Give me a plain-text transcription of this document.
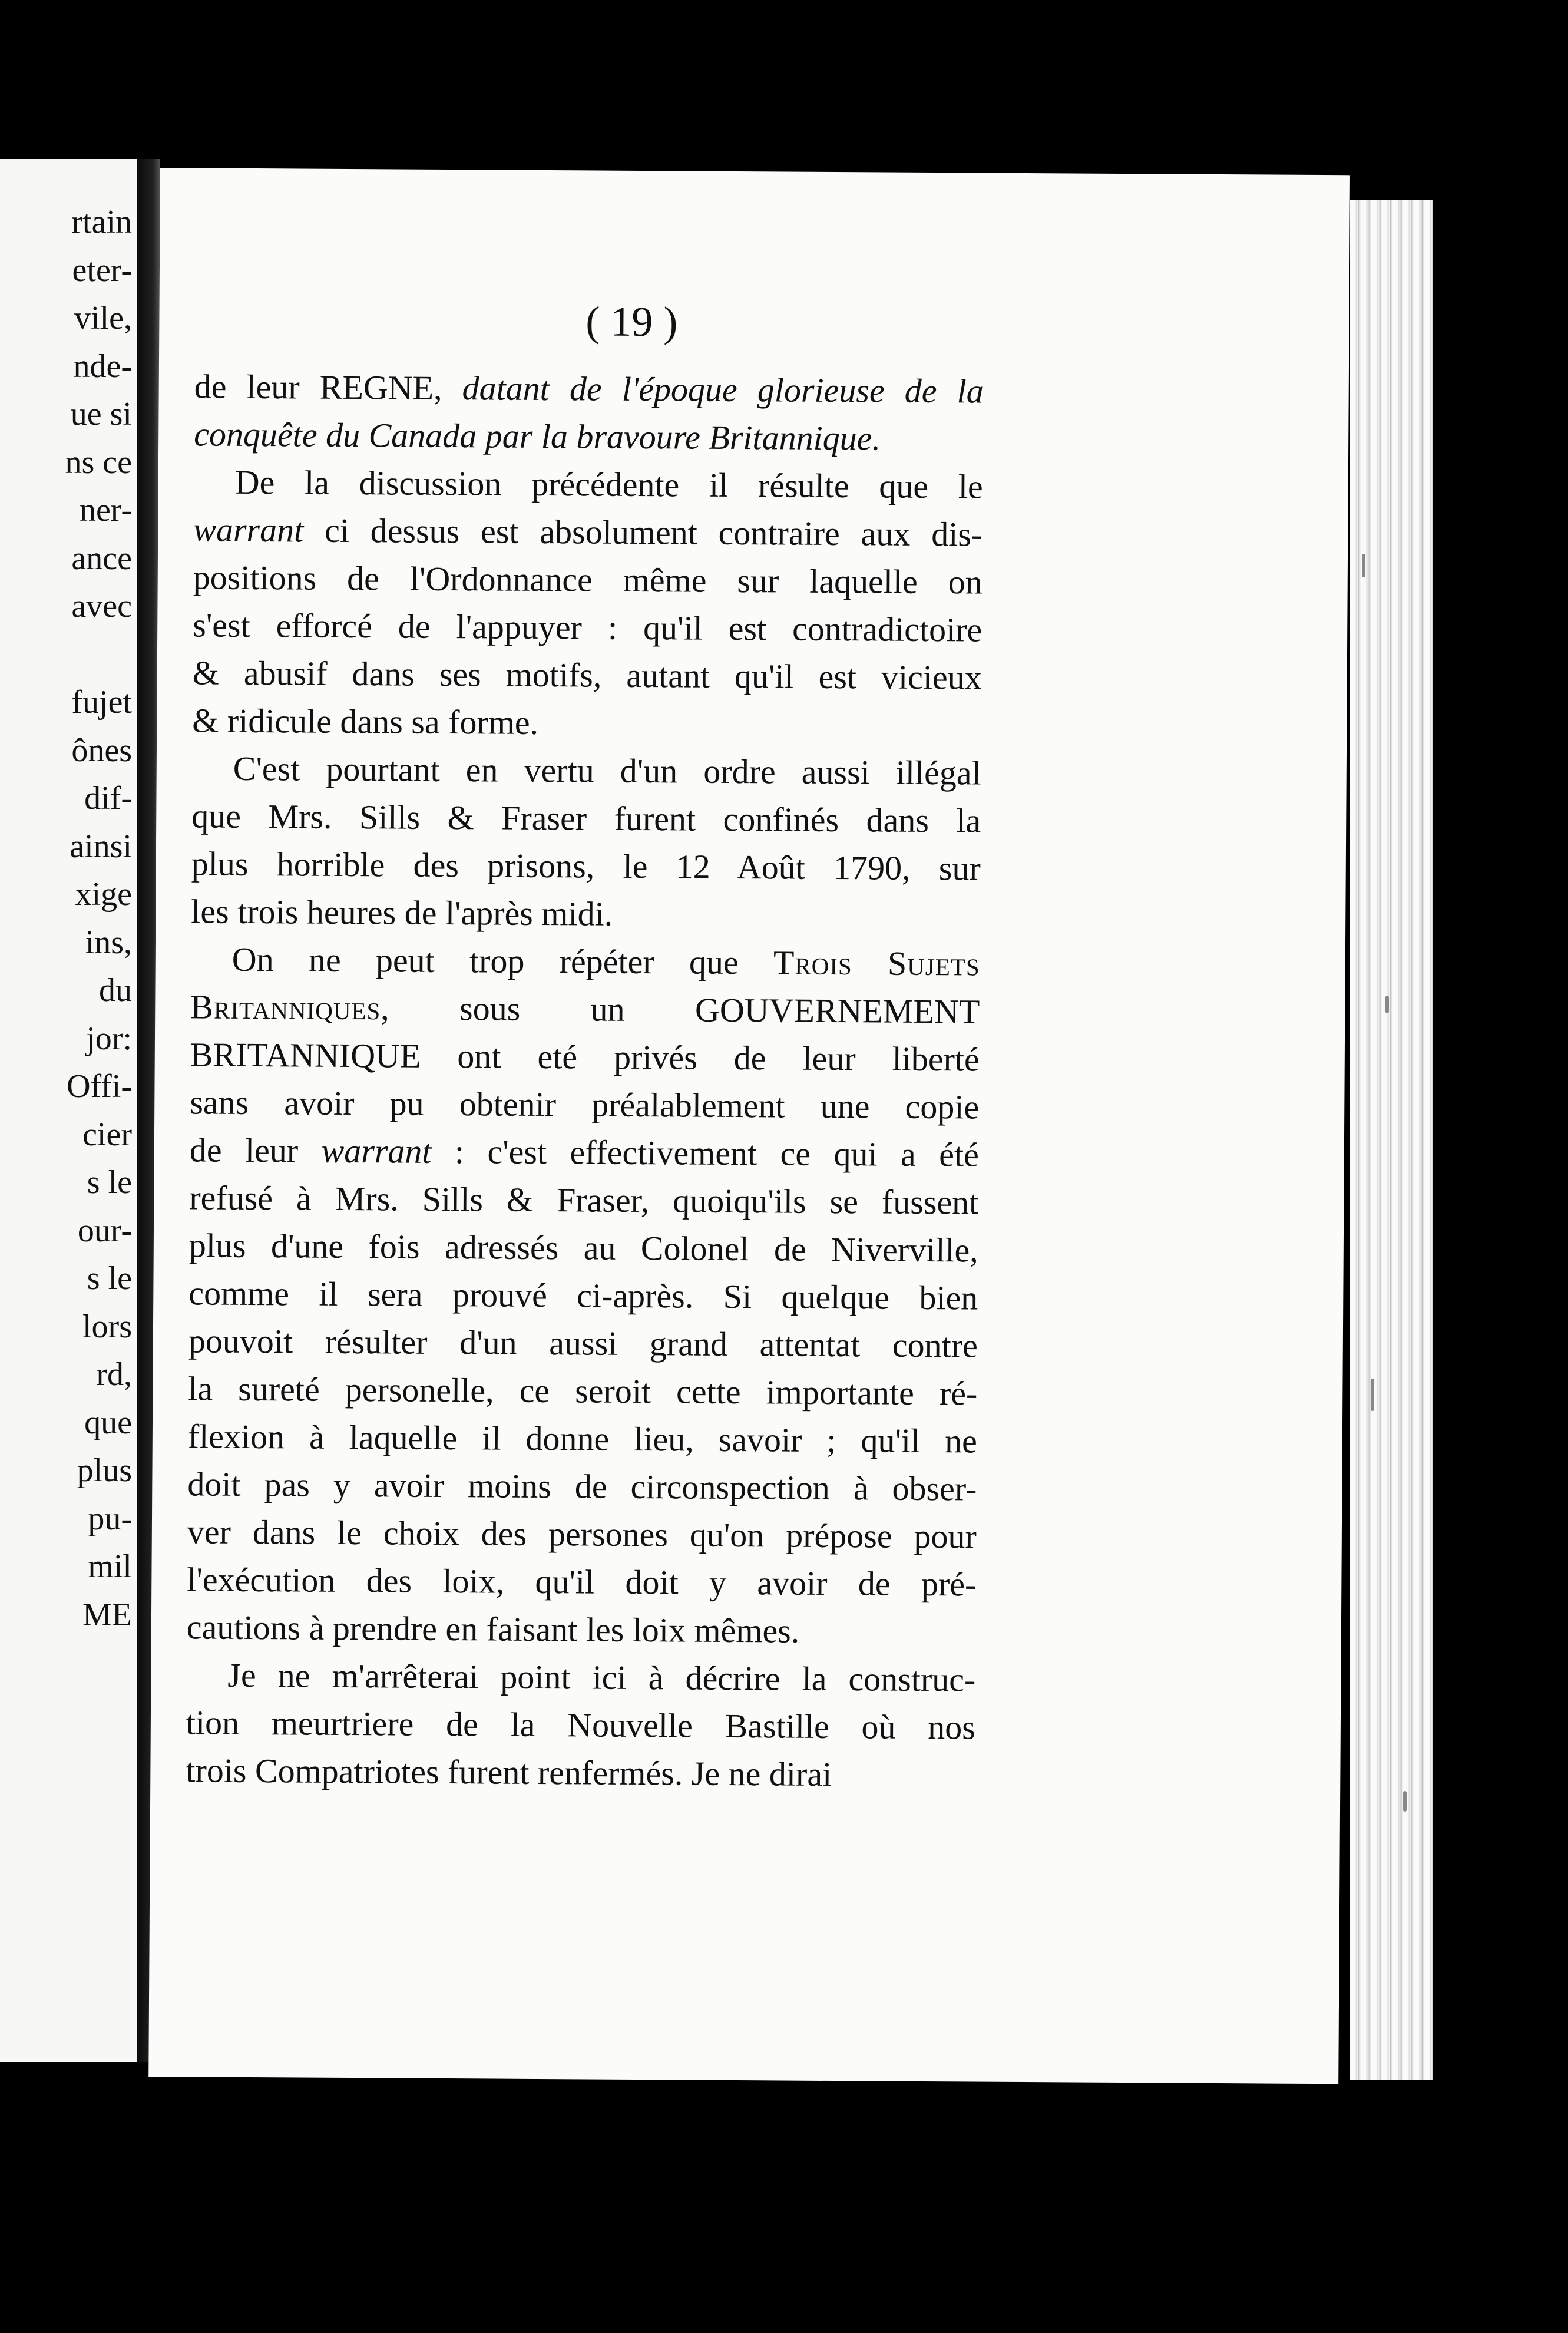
rtain
eter-
vile,
nde-
ue si
ns ce
ner-
ance
avec
fujet
ônes
dif-
ainsi
xige
ins,
du
jor:
Offi-
cier
s le
our-
s le
lors
rd,
que
plus
pu-
mil
ME
( 19 )
de leur REGNE, datant de l'époque glorieuse de la
conquête du Canada par la bravoure Britannique.
De la discussion précédente il résulte que le
warrant ci dessus est absolument contraire aux dis-
positions de l'Ordonnance même sur laquelle on
s'est efforcé de l'appuyer : qu'il est contradictoire
& abusif dans ses motifs, autant qu'il est vicieux
& ridicule dans sa forme.
C'est pourtant en vertu d'un ordre aussi illégal
que Mrs. Sills & Fraser furent confinés dans la
plus horrible des prisons, le 12 Août 1790, sur
les trois heures de l'après midi.
On ne peut trop répéter que Trois Sujets
Britanniques, sous un GOUVERNEMENT
BRITANNIQUE ont eté privés de leur liberté
sans avoir pu obtenir préalablement une copie
de leur warrant : c'est effectivement ce qui a été
refusé à Mrs. Sills & Fraser, quoiqu'ils se fussent
plus d'une fois adressés au Colonel de Niverville,
comme il sera prouvé ci-après. Si quelque bien
pouvoit résulter d'un aussi grand attentat contre
la sureté personelle, ce seroit cette importante ré-
flexion à laquelle il donne lieu, savoir ; qu'il ne
doit pas y avoir moins de circonspection à obser-
ver dans le choix des persones qu'on prépose pour
l'exécution des loix, qu'il doit y avoir de pré-
cautions à prendre en faisant les loix mêmes.
Je ne m'arrêterai point ici à décrire la construc-
tion meurtriere de la Nouvelle Bastille où nos
trois Compatriotes furent renfermés. Je ne dirai
